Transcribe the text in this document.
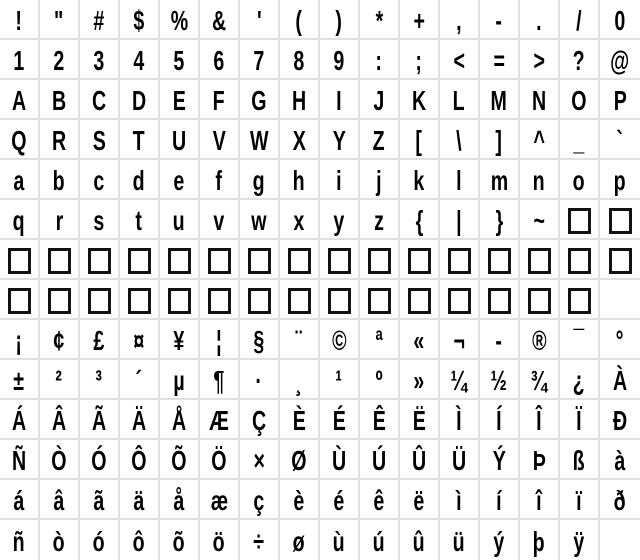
! " # $ % & ' ( ) * + , - . / 0
1 2 3 4 5 6 7 8 9 : ; < = > ? @
A B C D E F G H I J K L M N O P
Q R S T U V W X Y Z [ \ ] ^ _ `
a b c d e f g h i j k l m n o p
q r s t u v w x y z { | } ~
¡ ¢ £ ¤ ¥ ¦ § ¨ © ª « ¬ - ® ¯ °
± ² ³ ´ µ ¶ · ¸ ¹ º » ¼ ½ ¾ ¿ À
Á Â Ã Ä Å Æ Ç È É Ê Ë Ì Í Î Ï Ð
Ñ Ò Ó Ô Õ Ö × Ø Ù Ú Û Ü Ý Þ ß à
á â ã ä å æ ç è é ê ë ì í î ï ð
ñ ò ó ô õ ö ÷ ø ù ú û ü ý þ ÿ
